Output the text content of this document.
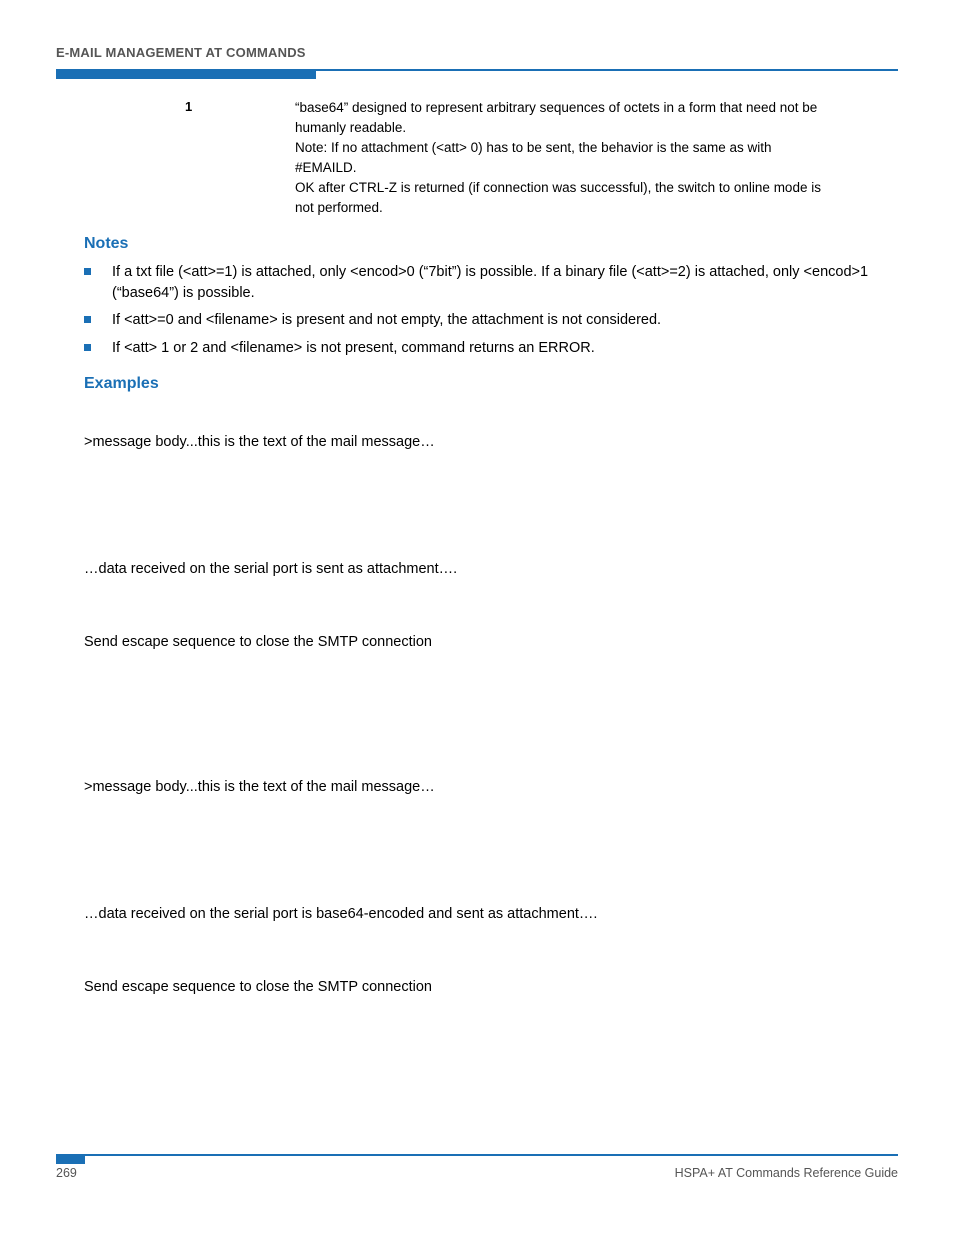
E-MAIL MANAGEMENT AT COMMANDS
1	“base64” designed to represent arbitrary sequences of octets in a form that need not be humanly readable.
Note: If no attachment (<att> 0) has to be sent, the behavior is the same as with #EMAILD.
OK after CTRL-Z is returned (if connection was successful), the switch to online mode is not performed.
Notes
If a txt file (<att>=1) is attached, only <encod>0 (“7bit”) is possible. If a binary file (<att>=2) is attached, only <encod>1 (“base64”) is possible.
If <att>=0 and <filename> is present and not empty, the attachment is not considered.
If <att> 1 or 2 and <filename> is not present, command returns an ERROR.
Examples
>message body...this is the text of the mail message…
…data received on the serial port is sent as attachment….
Send escape sequence to close the SMTP connection
>message body...this is the text of the mail message…
…data received on the serial port is base64-encoded and sent as attachment….
Send escape sequence to close the SMTP connection
269	HSPA+ AT Commands Reference Guide
